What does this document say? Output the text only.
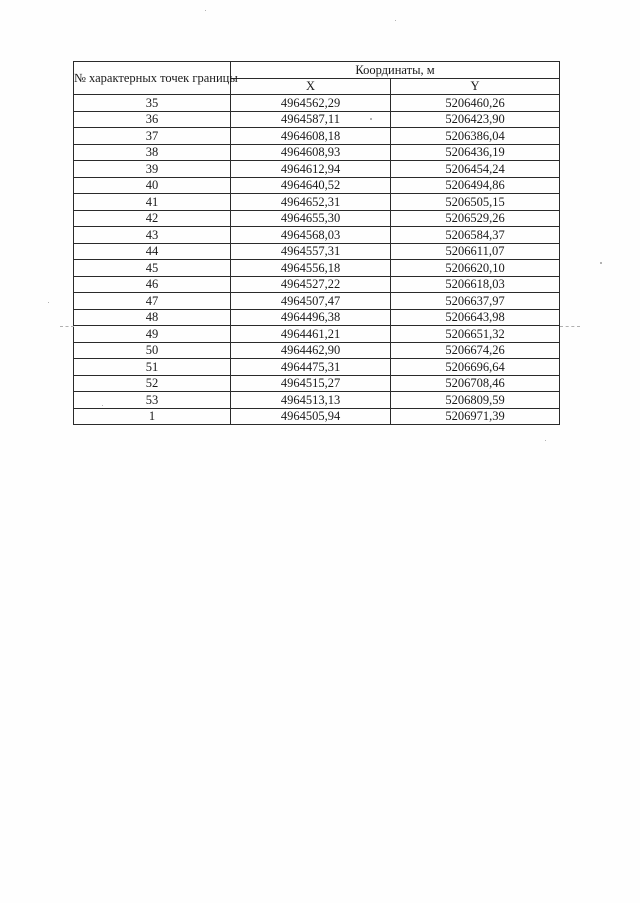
№ характерных точек границы	Координаты, м	
	X	Y
35	4964562,29	5206460,26
36	4964587,11	5206423,90
37	4964608,18	5206386,04
38	4964608,93	5206436,19
39	4964612,94	5206454,24
40	4964640,52	5206494,86
41	4964652,31	5206505,15
42	4964655,30	5206529,26
43	4964568,03	5206584,37
44	4964557,31	5206611,07
45	4964556,18	5206620,10
46	4964527,22	5206618,03
47	4964507,47	5206637,97
48	4964496,38	5206643,98
49	4964461,21	5206651,32
50	4964462,90	5206674,26
51	4964475,31	5206696,64
52	4964515,27	5206708,46
53	4964513,13	5206809,59
1	4964505,94	5206971,39
